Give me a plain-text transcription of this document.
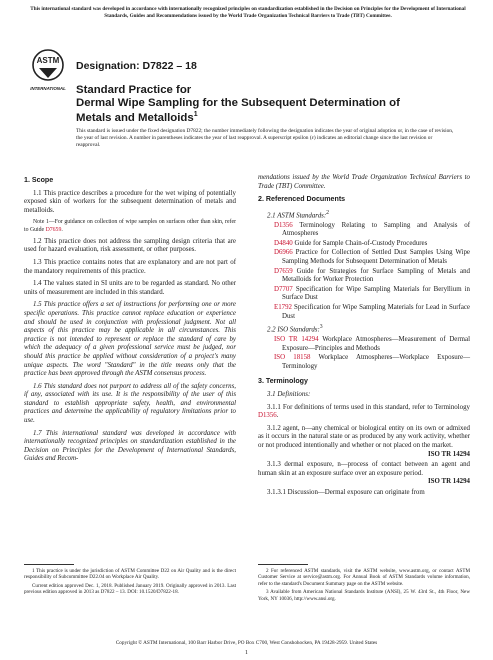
This international standard was developed in accordance with internationally recognized principles on standardization established in the Decision on Principles for the Development of International Standards, Guides and Recommendations issued by the World Trade Organization Technical Barriers to Trade (TBT) Committee.
ASTM
INTERNATIONAL
Designation: D7822 – 18
Standard Practice for
Dermal Wipe Sampling for the Subsequent Determination of
Metals and Metalloids$^1$
This standard is issued under the fixed designation D7822; the number immediately following the designation indicates the year of original adoption or, in the case of revision, the year of last revision. A number in parentheses indicates the year of last reapproval. A superscript epsilon (ε) indicates an editorial change since the last revision or reapproval.
1. Scope
1.1 This practice describes a procedure for the wet wiping of potentially exposed skin of workers for the subsequent determination of metals and metalloids.
Note 1—For guidance on collection of wipe samples on surfaces other than skin, refer to Guide D7659.
1.2 This practice does not address the sampling design criteria that are used for hazard evaluation, risk assessment, or other purposes.
1.3 This practice contains notes that are explanatory and are not part of the mandatory requirements of this practice.
1.4 The values stated in SI units are to be regarded as standard. No other units of measurement are included in this standard.
1.5 This practice offers a set of instructions for performing one or more specific operations. This practice cannot replace education or experience and should be used in conjunction with professional judgment. Not all aspects of this practice may be applicable in all circumstances. This practice is not intended to represent or replace the standard of care by which the adequacy of a given professional service must be judged, nor should this practice be applied without consideration of a project's many unique aspects. The word "Standard" in the title means only that the practice has been approved through the ASTM consensus process.
1.6 This standard does not purport to address all of the safety concerns, if any, associated with its use. It is the responsibility of the user of this standard to establish appropriate safety, health, and environmental practices and determine the applicability of regulatory limitations prior to use.
1.7 This international standard was developed in accordance with internationally recognized principles on standardization established in the Decision on Principles for the Development of International Standards, Guides and Recom-
mendations issued by the World Trade Organization Technical Barriers to Trade (TBT) Committee.
2. Referenced Documents
2.1 ASTM Standards:$^2$
D1356 Terminology Relating to Sampling and Analysis of Atmospheres
D4840 Guide for Sample Chain-of-Custody Procedures
D6966 Practice for Collection of Settled Dust Samples Using Wipe Sampling Methods for Subsequent Determination of Metals
D7659 Guide for Strategies for Surface Sampling of Metals and Metalloids for Worker Protection
D7707 Specification for Wipe Sampling Materials for Beryllium in Surface Dust
E1792 Specification for Wipe Sampling Materials for Lead in Surface Dust
2.2 ISO Standards:$^3$
ISO TR 14294 Workplace Atmospheres—Measurement of Dermal Exposure—Principles and Methods
ISO 18158 Workplace Atmospheres—Workplace Exposure—Terminology
3. Terminology
3.1 Definitions:
3.1.1 For definitions of terms used in this standard, refer to Terminology D1356.
3.1.2 agent, n—any chemical or biological entity on its own or admixed as it occurs in the natural state or as produced by any work activity, whether or not produced intentionally and whether or not placed on the market.
ISO TR 14294
3.1.3 dermal exposure, n—process of contact between an agent and human skin at an exposure surface over an exposure period.
ISO TR 14294
3.1.3.1 Discussion—Dermal exposure can originate from
1 This practice is under the jurisdiction of ASTM Committee D22 on Air Quality and is the direct responsibility of Subcommittee D22.04 on Workplace Air Quality.
Current edition approved Dec. 1, 2018. Published January 2019. Originally approved in 2013. Last previous edition approved in 2013 as D7822 – 13. DOI: 10.1520/D7822-18.
2 For referenced ASTM standards, visit the ASTM website, www.astm.org, or contact ASTM Customer Service at service@astm.org. For Annual Book of ASTM Standards volume information, refer to the standard's Document Summary page on the ASTM website.
3 Available from American National Standards Institute (ANSI), 25 W. 43rd St., 4th Floor, New York, NY 10036, http://www.ansi.org.
Copyright © ASTM International, 100 Barr Harbor Drive, PO Box C700, West Conshohocken, PA 19428-2959. United States
1
